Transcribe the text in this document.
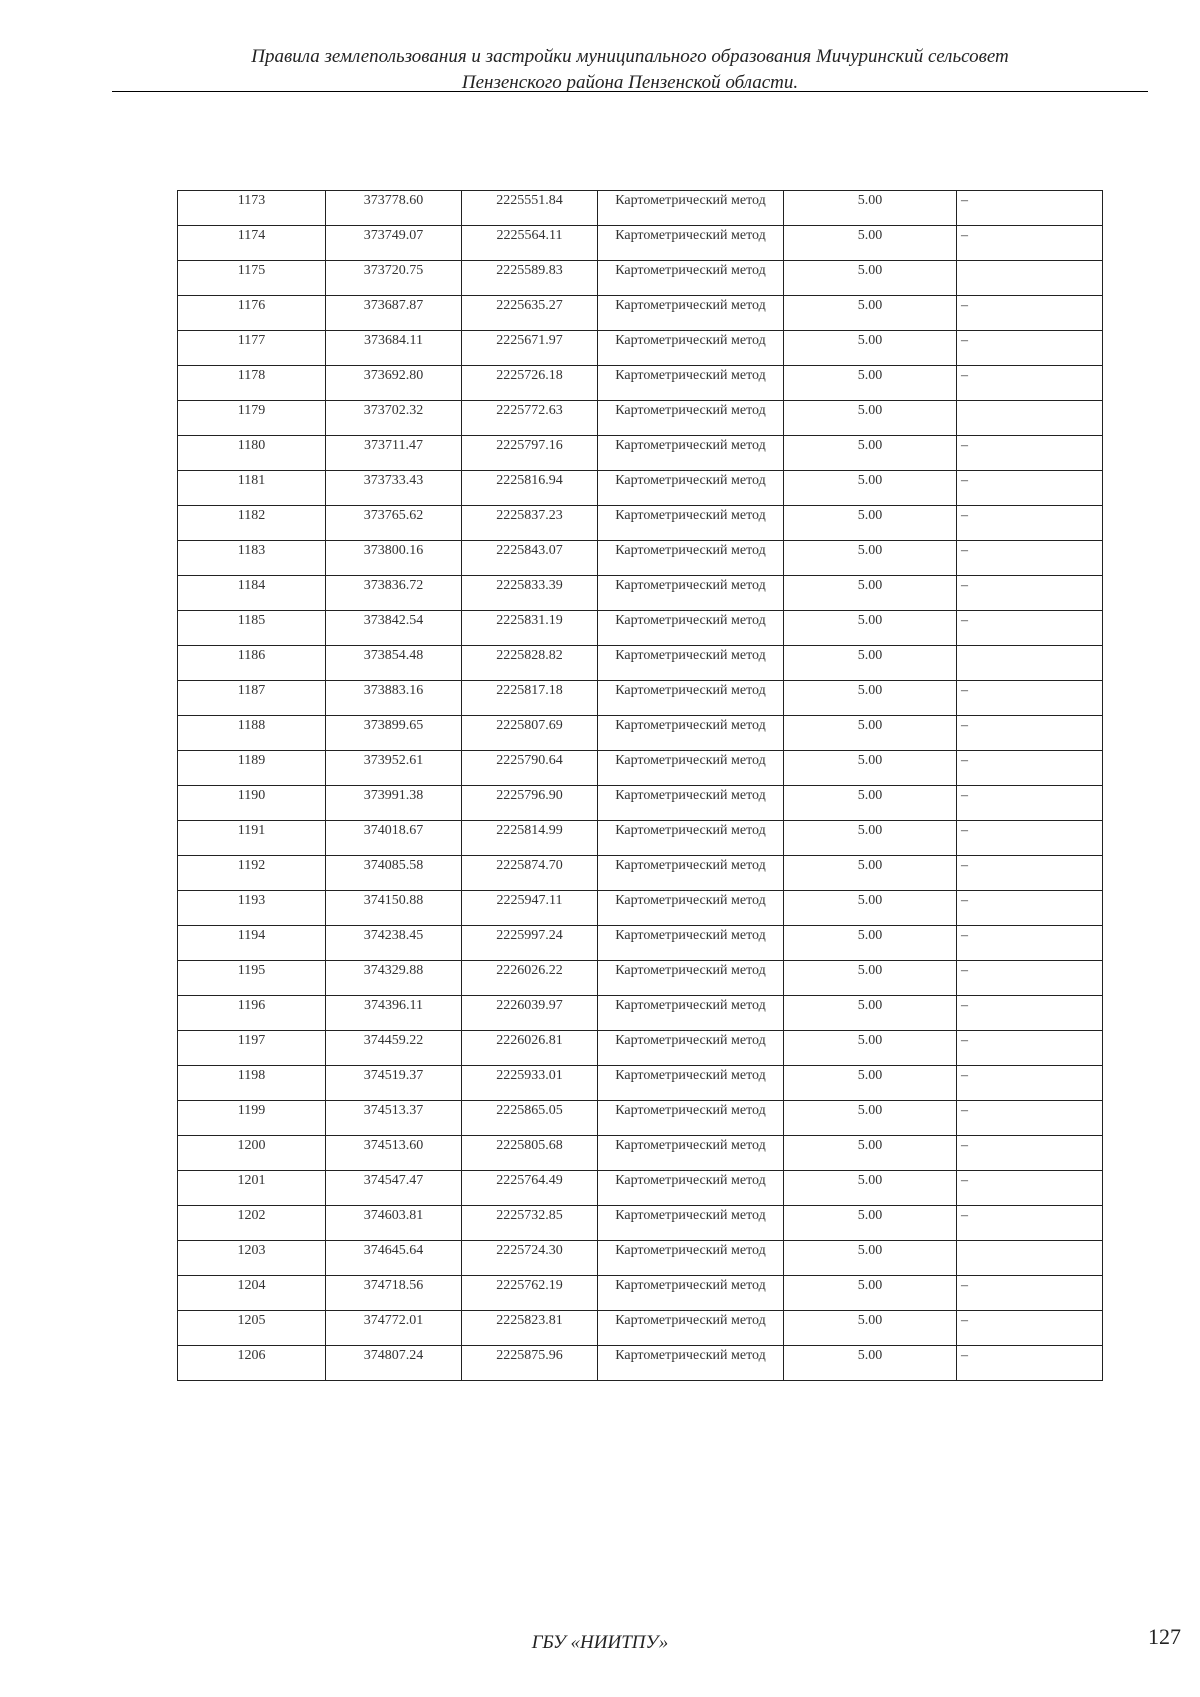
Правила землепользования и застройки муниципального образования Мичуринский сельсовет
Пензенского района Пензенской области.
1173	373778.60	2225551.84	Картометрический метод	5.00	–
1174	373749.07	2225564.11	Картометрический метод	5.00	–
1175	373720.75	2225589.83	Картометрический метод	5.00	
1176	373687.87	2225635.27	Картометрический метод	5.00	–
1177	373684.11	2225671.97	Картометрический метод	5.00	–
1178	373692.80	2225726.18	Картометрический метод	5.00	–
1179	373702.32	2225772.63	Картометрический метод	5.00	
1180	373711.47	2225797.16	Картометрический метод	5.00	–
1181	373733.43	2225816.94	Картометрический метод	5.00	–
1182	373765.62	2225837.23	Картометрический метод	5.00	–
1183	373800.16	2225843.07	Картометрический метод	5.00	–
1184	373836.72	2225833.39	Картометрический метод	5.00	–
1185	373842.54	2225831.19	Картометрический метод	5.00	–
1186	373854.48	2225828.82	Картометрический метод	5.00	
1187	373883.16	2225817.18	Картометрический метод	5.00	–
1188	373899.65	2225807.69	Картометрический метод	5.00	–
1189	373952.61	2225790.64	Картометрический метод	5.00	–
1190	373991.38	2225796.90	Картометрический метод	5.00	–
1191	374018.67	2225814.99	Картометрический метод	5.00	–
1192	374085.58	2225874.70	Картометрический метод	5.00	–
1193	374150.88	2225947.11	Картометрический метод	5.00	–
1194	374238.45	2225997.24	Картометрический метод	5.00	–
1195	374329.88	2226026.22	Картометрический метод	5.00	–
1196	374396.11	2226039.97	Картометрический метод	5.00	–
1197	374459.22	2226026.81	Картометрический метод	5.00	–
1198	374519.37	2225933.01	Картометрический метод	5.00	–
1199	374513.37	2225865.05	Картометрический метод	5.00	–
1200	374513.60	2225805.68	Картометрический метод	5.00	–
1201	374547.47	2225764.49	Картометрический метод	5.00	–
1202	374603.81	2225732.85	Картометрический метод	5.00	–
1203	374645.64	2225724.30	Картометрический метод	5.00	
1204	374718.56	2225762.19	Картометрический метод	5.00	–
1205	374772.01	2225823.81	Картометрический метод	5.00	–
1206	374807.24	2225875.96	Картометрический метод	5.00	–
ГБУ «НИИТПУ»	127
